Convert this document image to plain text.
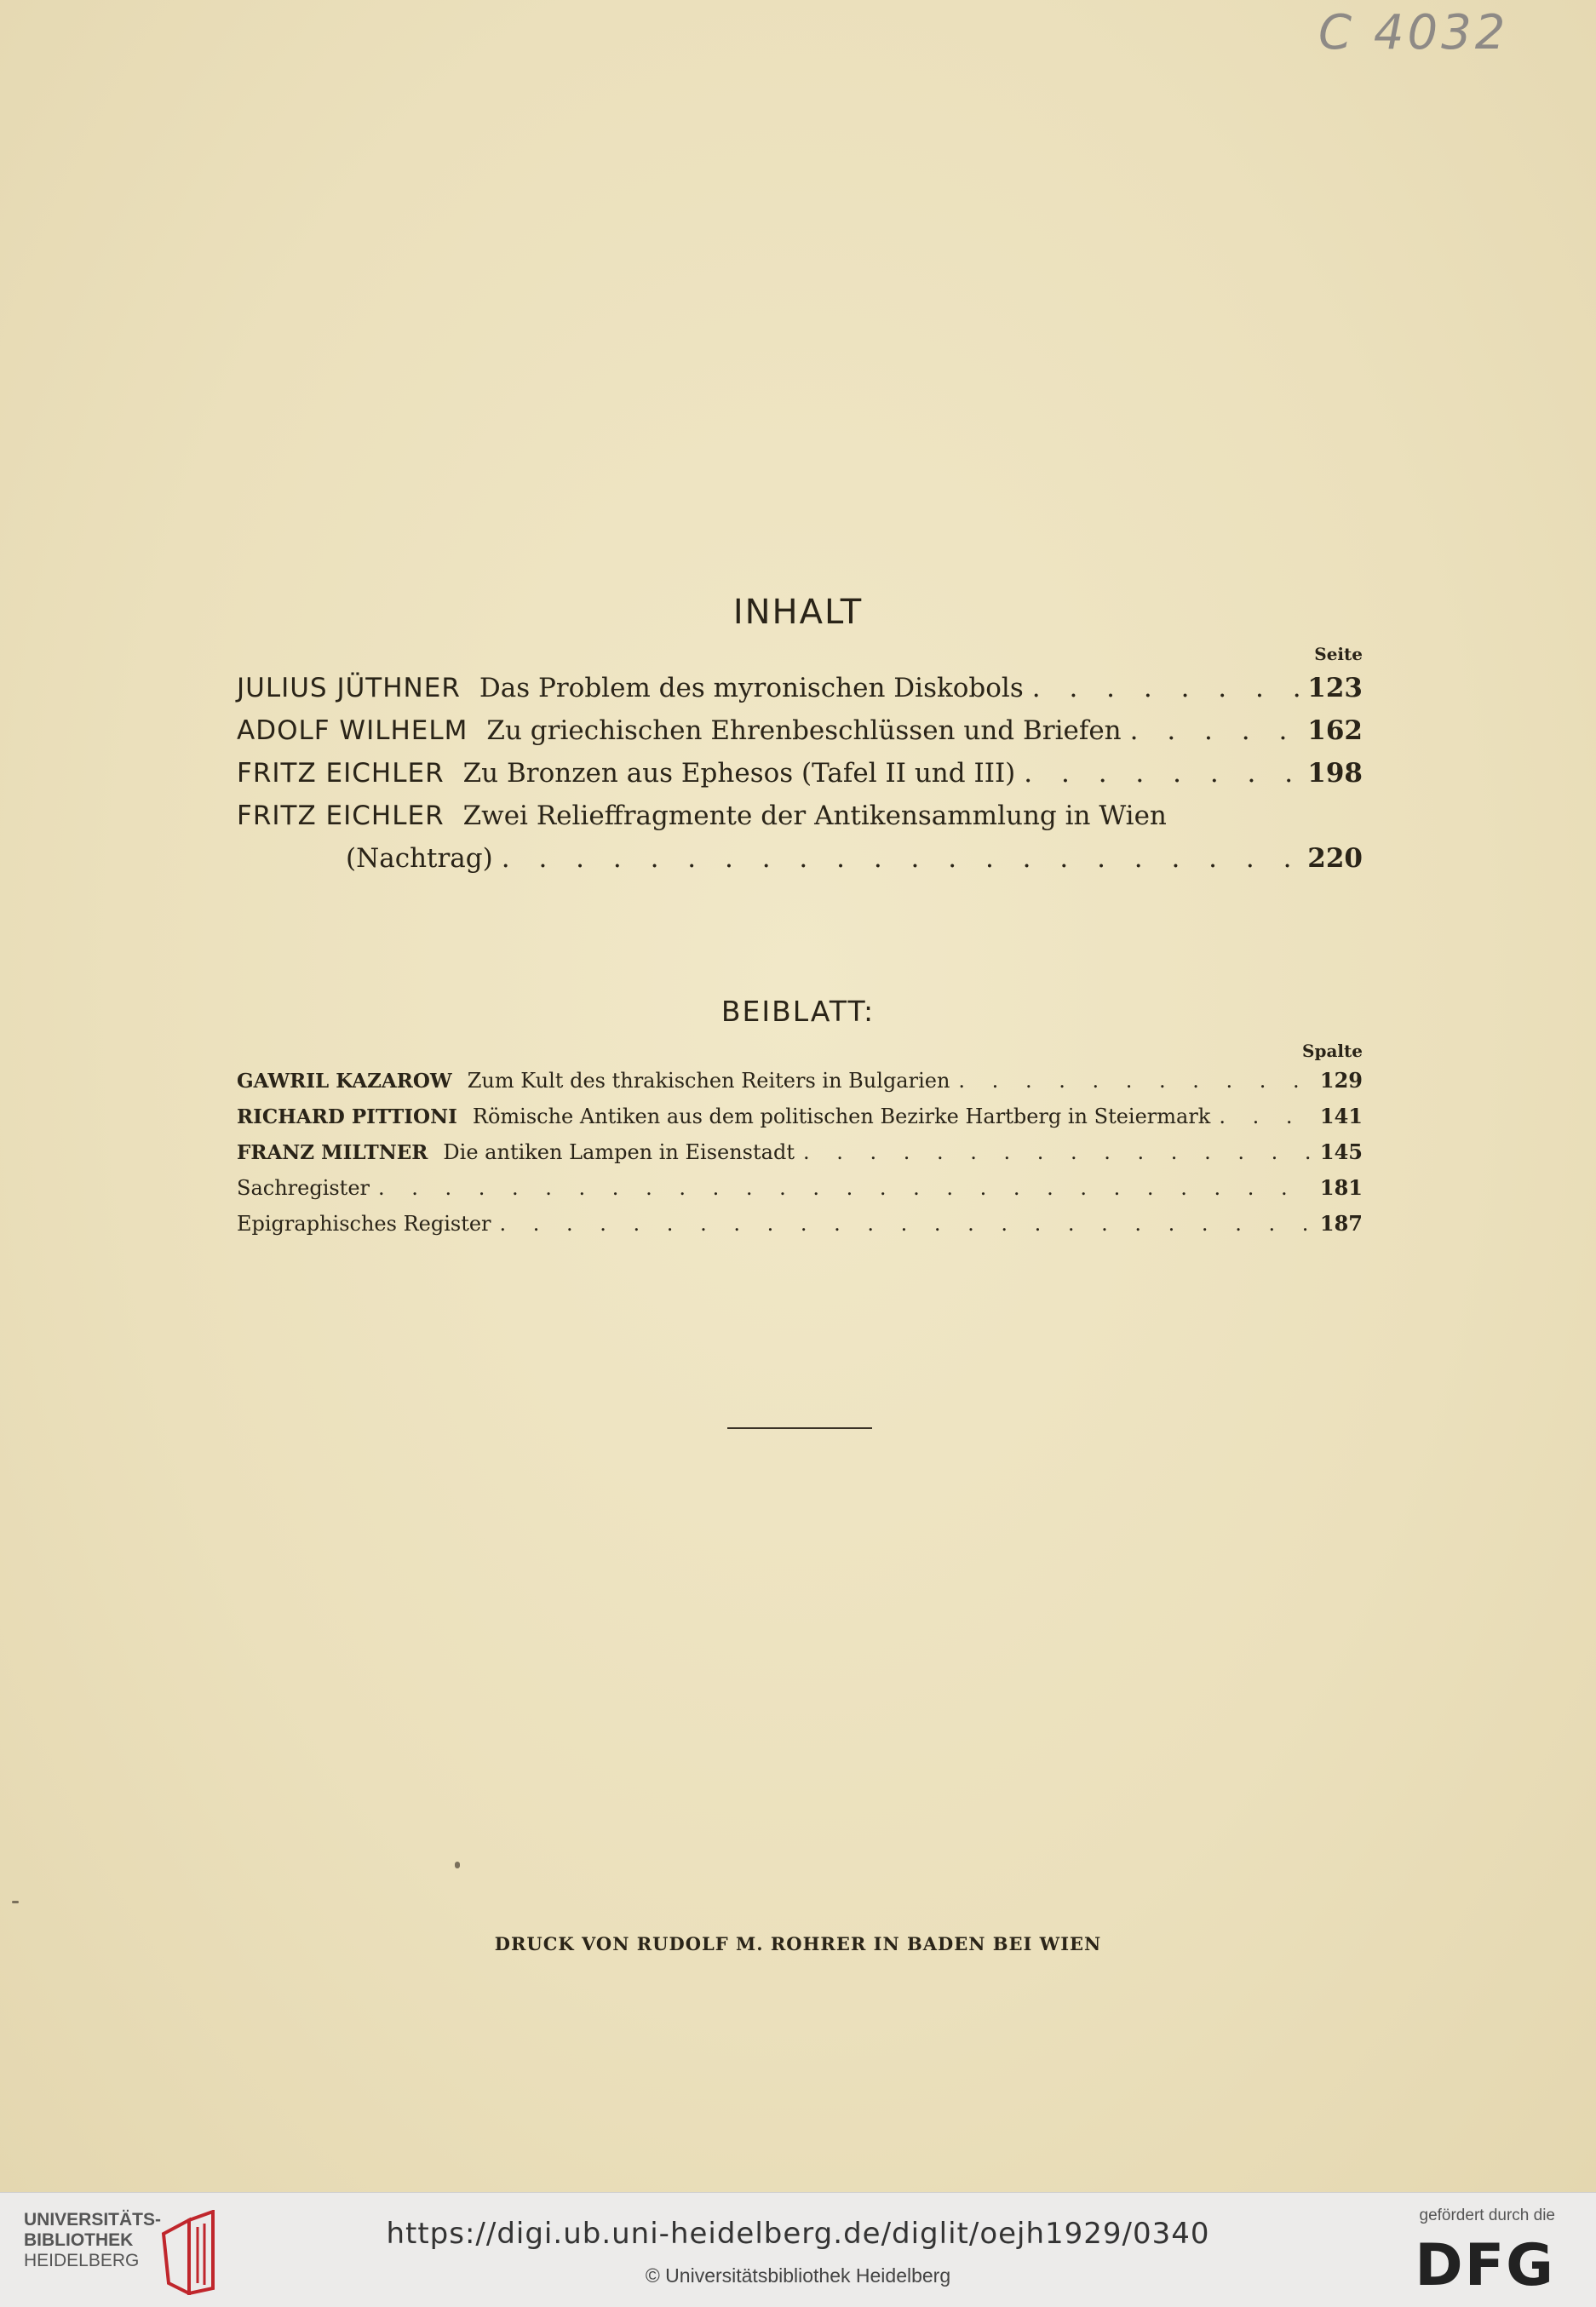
C 4032
INHALT
Seite
JULIUS JÜTHNER Das Problem des myronischen Diskobols . . .	123
ADOLF WILHELM Zu griechischen Ehrenbeschlüssen und Briefen . . .	162
FRITZ EICHLER Zu Bronzen aus Ephesos (Tafel II und III) . . .	198
FRITZ EICHLER Zwei Relieffragmente der Antikensammlung in Wien
(Nachtrag) . . .	220
BEIBLATT:
Spalte
GAWRIL KAZAROW Zum Kult des thrakischen Reiters in Bulgarien . . .	129
RICHARD PITTIONI Römische Antiken aus dem politischen Bezirke Hartberg in Steiermark . . .	141
FRANZ MILTNER Die antiken Lampen in Eisenstadt . . .	145
Sachregister . . .	181
Epigraphisches Register . . .	187
DRUCK VON RUDOLF M. ROHRER IN BADEN BEI WIEN
UNIVERSITÄTS-
BIBLIOTHEK
HEIDELBERG
https://digi.ub.uni-heidelberg.de/diglit/oejh1929/0340
© Universitätsbibliothek Heidelberg
gefördert durch die
DFG
